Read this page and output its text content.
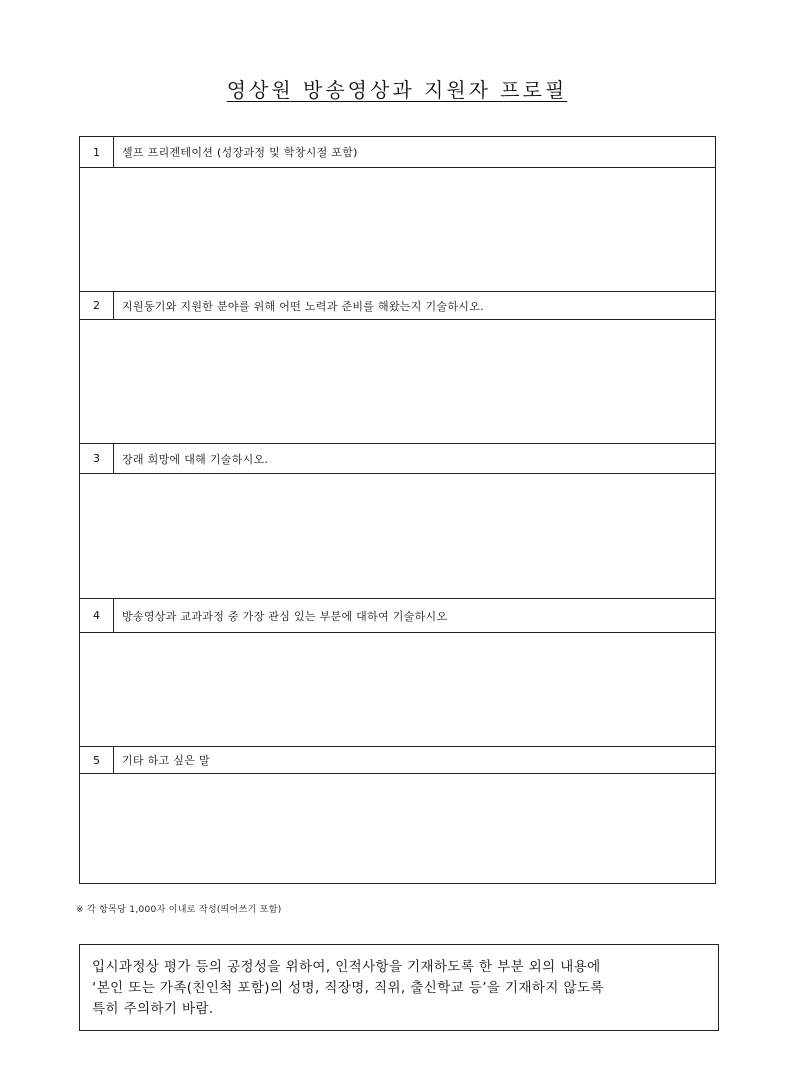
영상원 방송영상과 지원자 프로필
1	셀프 프리젠테이션 (성장과정 및 학창시절 포함)
2	지원동기와 지원한 분야를 위해 어떤 노력과 준비를 해왔는지 기술하시오.
3	장래 희망에 대해 기술하시오.
4	방송영상과 교과과정 중 가장 관심 있는 부분에 대하여 기술하시오
5	기타 하고 싶은 말
※ 각 항목당 1,000자 이내로 작성(띄어쓰기 포함)
입시과정상 평가 등의 공정성을 위하여, 인적사항을 기재하도록 한 부분 외의 내용에
‘본인 또는 가족(친인척 포함)의 성명, 직장명, 직위, 출신학교 등’을 기재하지 않도록
특히 주의하기 바람.
